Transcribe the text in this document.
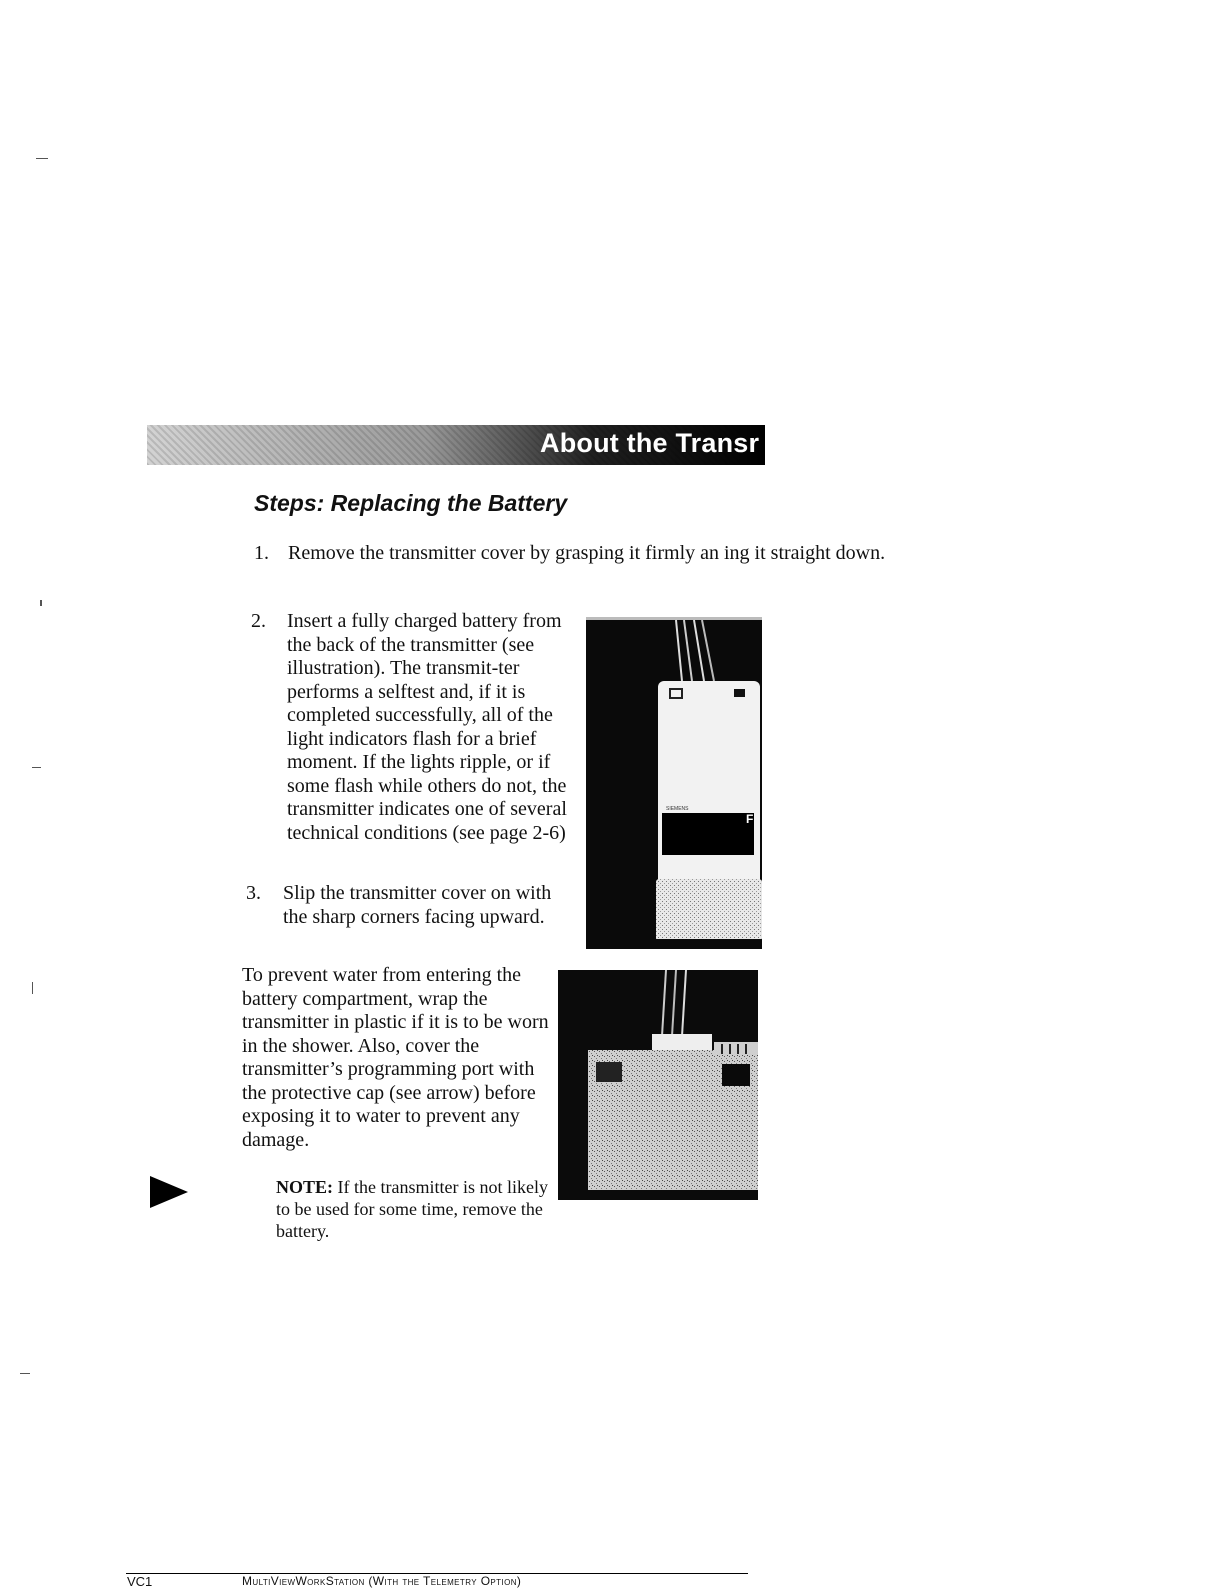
About the Transr
Steps: Replacing the Battery
1. Remove the transmitter cover by grasping it firmly an ing it straight down.
2. Insert a fully charged battery from the back of the transmitter (see illustration). The transmit-ter performs a selftest and, if it is completed successfully, all of the light indicators flash for a brief moment. If the lights ripple, or if some flash while others do not, the transmitter indicates one of several technical conditions (see page 2-6)
3. Slip the transmitter cover on with the sharp corners facing upward.
To prevent water from entering the battery compartment, wrap the transmitter in plastic if it is to be worn in the shower. Also, cover the transmitter’s programming port with the protective cap (see arrow) before exposing it to water to prevent any damage.
NOTE: If the transmitter is not likely to be used for some time, remove the battery.
SIEMENS
F
VC1	MultiViewWorkStation (With the Telemetry Option)
